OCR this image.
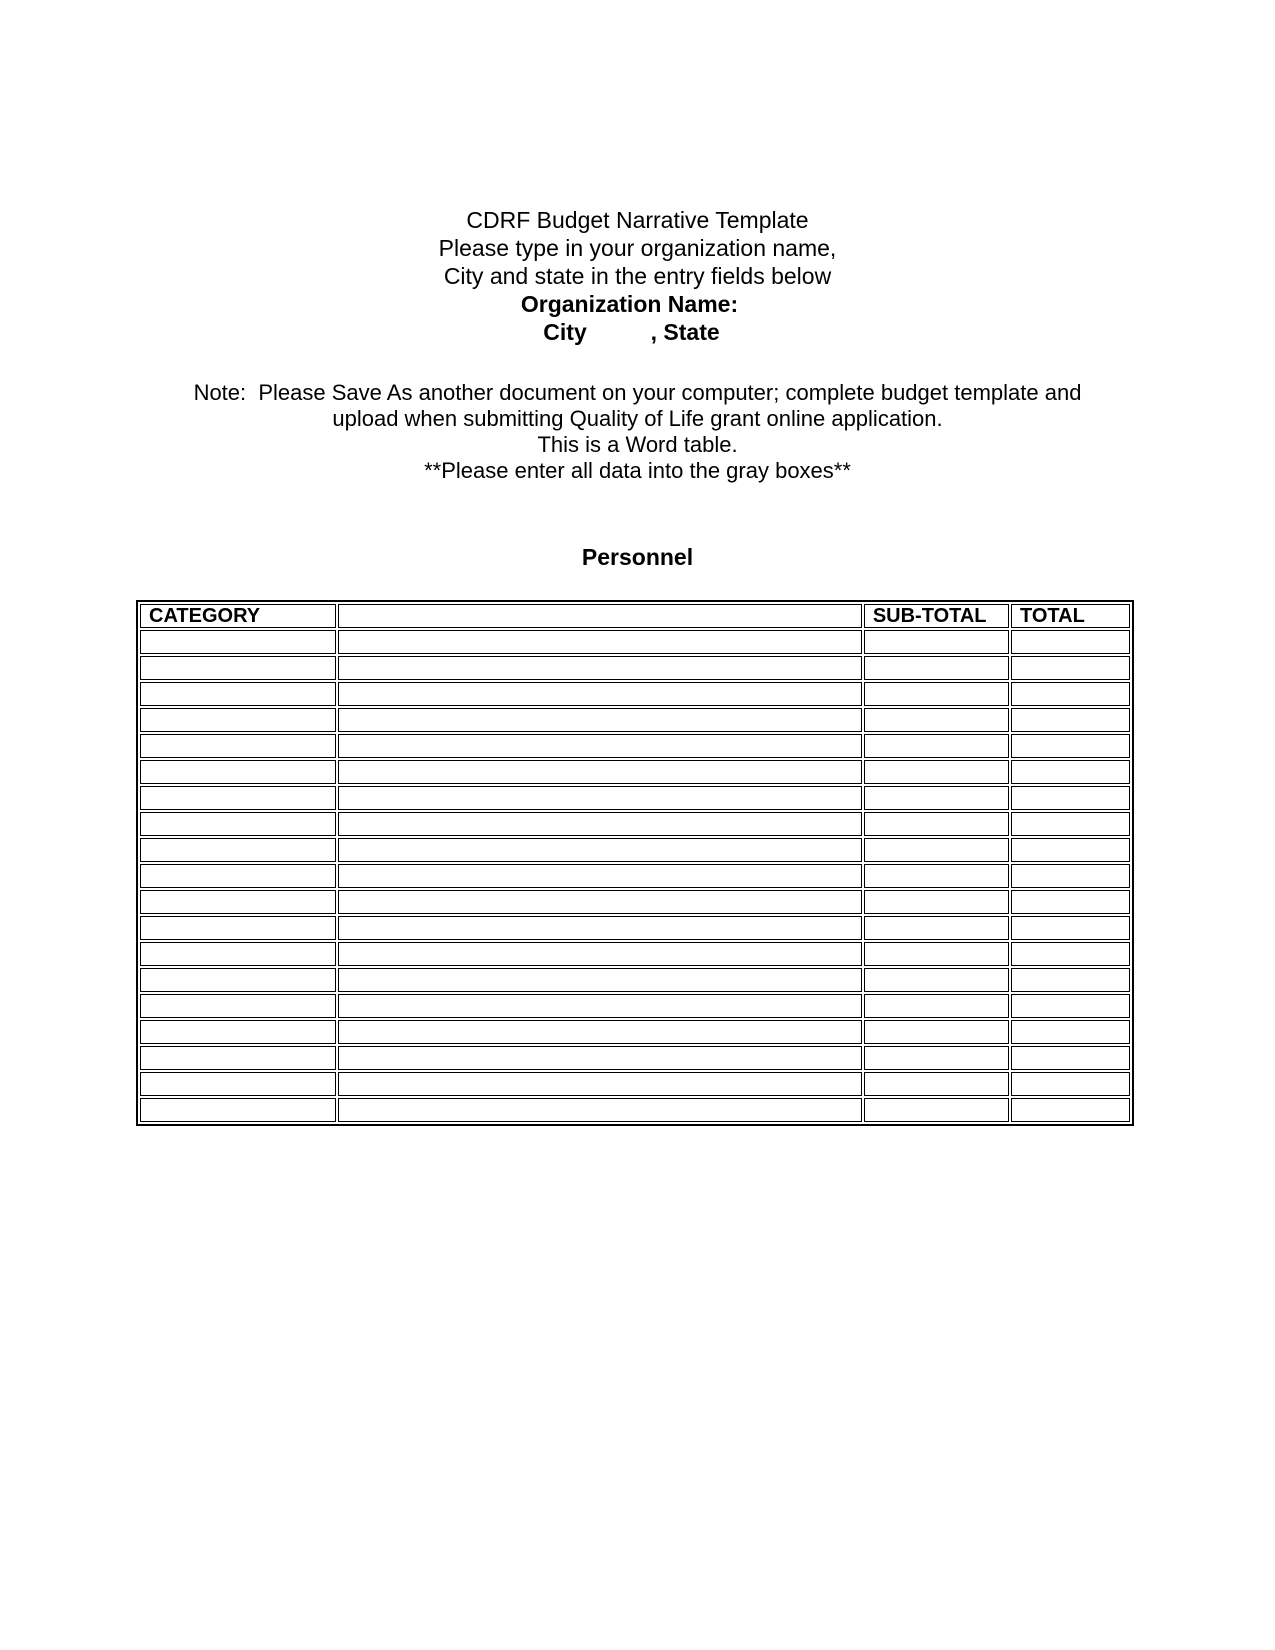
CDRF Budget Narrative Template
Please type in your organization name,
City and state in the entry fields below
Organization Name:
City	, State
Note:  Please Save As another document on your computer; complete budget template and
upload when submitting Quality of Life grant online application.
This is a Word table.
**Please enter all data into the gray boxes**
Personnel
CATEGORY		SUB-TOTAL	TOTAL
